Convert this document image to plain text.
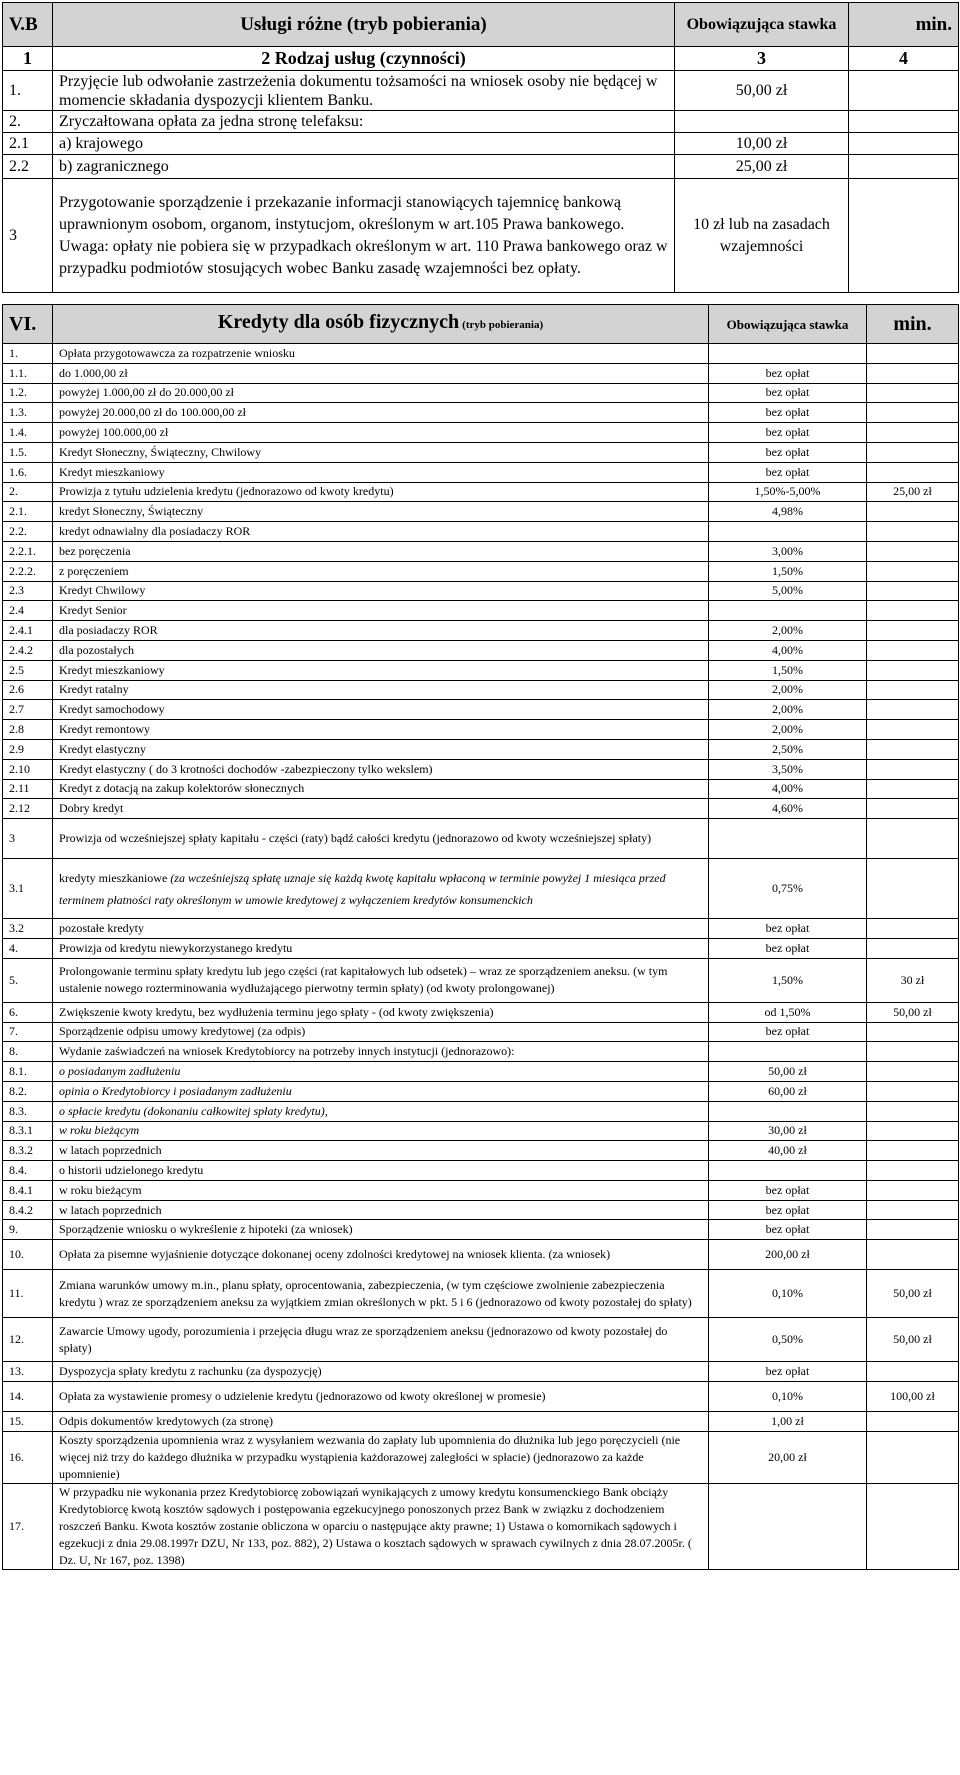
V.B	Usługi różne (tryb pobierania)	Obowiązująca stawka	min.
1	2 Rodzaj usług (czynności)	3	4
1.	Przyjęcie lub odwołanie zastrzeżenia dokumentu tożsamości na wniosek osoby nie będącej w momencie składania dyspozycji klientem Banku.	50,00 zł	
2.	Zryczałtowana opłata za jedna stronę telefaksu:		
2.1	a) krajowego	10,00 zł	
2.2	b) zagranicznego	25,00 zł	
3	Przygotowanie sporządzenie i przekazanie informacji stanowiących tajemnicę bankową uprawnionym osobom, organom, instytucjom, określonym w art.105 Prawa bankowego. Uwaga: opłaty nie pobiera się w przypadkach określonym w art. 110 Prawa bankowego oraz w przypadku podmiotów stosujących wobec Banku zasadę wzajemności bez opłaty.	10 zł lub na zasadach wzajemności	
VI.	Kredyty dla osób fizycznych (tryb pobierania)	Obowiązująca stawka	min.
1.	Opłata przygotowawcza za rozpatrzenie wniosku		
1.1.	do 1.000,00 zł	bez opłat	
1.2.	powyżej 1.000,00 zł do 20.000,00 zł	bez opłat	
1.3.	powyżej 20.000,00 zł do 100.000,00 zł	bez opłat	
1.4.	powyżej 100.000,00 zł	bez opłat	
1.5.	Kredyt Słoneczny, Świąteczny, Chwilowy	bez opłat	
1.6.	Kredyt mieszkaniowy	bez opłat	
2.	Prowizja z tytułu udzielenia kredytu (jednorazowo od kwoty kredytu)	1,50%-5,00%	25,00 zł
2.1.	kredyt Słoneczny, Świąteczny	4,98%	
2.2.	kredyt odnawialny dla posiadaczy ROR		
2.2.1.	bez poręczenia	3,00%	
2.2.2.	z poręczeniem	1,50%	
2.3	Kredyt Chwilowy	5,00%	
2.4	Kredyt Senior		
2.4.1	dla posiadaczy ROR	2,00%	
2.4.2	dla pozostałych	4,00%	
2.5	Kredyt mieszkaniowy	1,50%	
2.6	Kredyt ratalny	2,00%	
2.7	Kredyt samochodowy	2,00%	
2.8	Kredyt remontowy	2,00%	
2.9	Kredyt elastyczny	2,50%	
2.10	Kredyt elastyczny ( do 3 krotności dochodów -zabezpieczony tylko wekslem)	3,50%	
2.11	Kredyt z dotacją na zakup kolektorów słonecznych	4,00%	
2.12	Dobry kredyt	4,60%	
3	Prowizja od wcześniejszej spłaty kapitału - części (raty) bądź całości kredytu (jednorazowo od kwoty wcześniejszej spłaty)		
3.1	kredyty mieszkaniowe (za wcześniejszą spłatę uznaje się każdą kwotę kapitału wpłaconą w terminie powyżej 1 miesiąca przed terminem płatności raty określonym w umowie kredytowej z wyłączeniem kredytów konsumenckich	0,75%	
3.2	pozostałe kredyty	bez opłat	
4.	Prowizja od kredytu niewykorzystanego kredytu	bez opłat	
5.	Prolongowanie terminu spłaty kredytu lub jego części (rat kapitałowych lub odsetek) – wraz ze sporządzeniem aneksu. (w tym ustalenie nowego rozterminowania wydłużającego pierwotny termin spłaty) (od kwoty prolongowanej)	1,50%	30 zł
6.	Zwiększenie kwoty kredytu, bez wydłużenia terminu jego spłaty - (od kwoty zwiększenia)	od 1,50%	50,00 zł
7.	Sporządzenie odpisu umowy kredytowej (za odpis)	bez opłat	
8.	Wydanie zaświadczeń na wniosek Kredytobiorcy na potrzeby innych instytucji (jednorazowo):		
8.1.	o posiadanym zadłużeniu	50,00 zł	
8.2.	opinia o Kredytobiorcy i posiadanym zadłużeniu	60,00 zł	
8.3.	o spłacie kredytu (dokonaniu całkowitej spłaty kredytu),		
8.3.1	w roku bieżącym	30,00 zł	
8.3.2	w latach poprzednich	40,00 zł	
8.4.	o historii udzielonego kredytu		
8.4.1	w roku bieżącym	bez opłat	
8.4.2	w latach poprzednich	bez opłat	
9.	Sporządzenie wniosku o wykreślenie z hipoteki (za wniosek)	bez opłat	
10.	Opłata za pisemne wyjaśnienie dotyczące dokonanej oceny zdolności kredytowej na wniosek klienta. (za wniosek)	200,00 zł	
11.	Zmiana warunków umowy m.in., planu spłaty, oprocentowania, zabezpieczenia, (w tym częściowe zwolnienie zabezpieczenia kredytu ) wraz ze sporządzeniem aneksu za wyjątkiem zmian określonych w pkt. 5 i 6 (jednorazowo od kwoty pozostałej do spłaty)	0,10%	50,00 zł
12.	Zawarcie Umowy ugody, porozumienia i przejęcia długu wraz ze sporządzeniem aneksu (jednorazowo od kwoty pozostałej do spłaty)	0,50%	50,00 zł
13.	Dyspozycja spłaty kredytu z rachunku (za dyspozycję)	bez opłat	
14.	Opłata za wystawienie promesy o udzielenie kredytu (jednorazowo od kwoty określonej w promesie)	0,10%	100,00 zł
15.	Odpis dokumentów kredytowych (za stronę)	1,00 zł	
16.	Koszty sporządzenia upomnienia wraz z wysyłaniem wezwania do zapłaty lub upomnienia do dłużnika lub jego poręczycieli (nie więcej niż trzy do każdego dłużnika w przypadku wystąpienia każdorazowej zaległości w spłacie) (jednorazowo za każde upomnienie)	20,00 zł	
17.	W przypadku nie wykonania przez Kredytobiorcę zobowiązań wynikających z umowy kredytu konsumenckiego Bank obciąży Kredytobiorcę kwotą kosztów sądowych i postępowania egzekucyjnego ponoszonych przez Bank w związku z dochodzeniem roszczeń Banku. Kwota kosztów zostanie obliczona w oparciu o następujące akty prawne; 1) Ustawa o komornikach sądowych i egzekucji z dnia 29.08.1997r DZU, Nr 133, poz. 882), 2) Ustawa o kosztach sądowych w sprawach cywilnych z dnia 28.07.2005r. ( Dz. U, Nr 167, poz. 1398)		
